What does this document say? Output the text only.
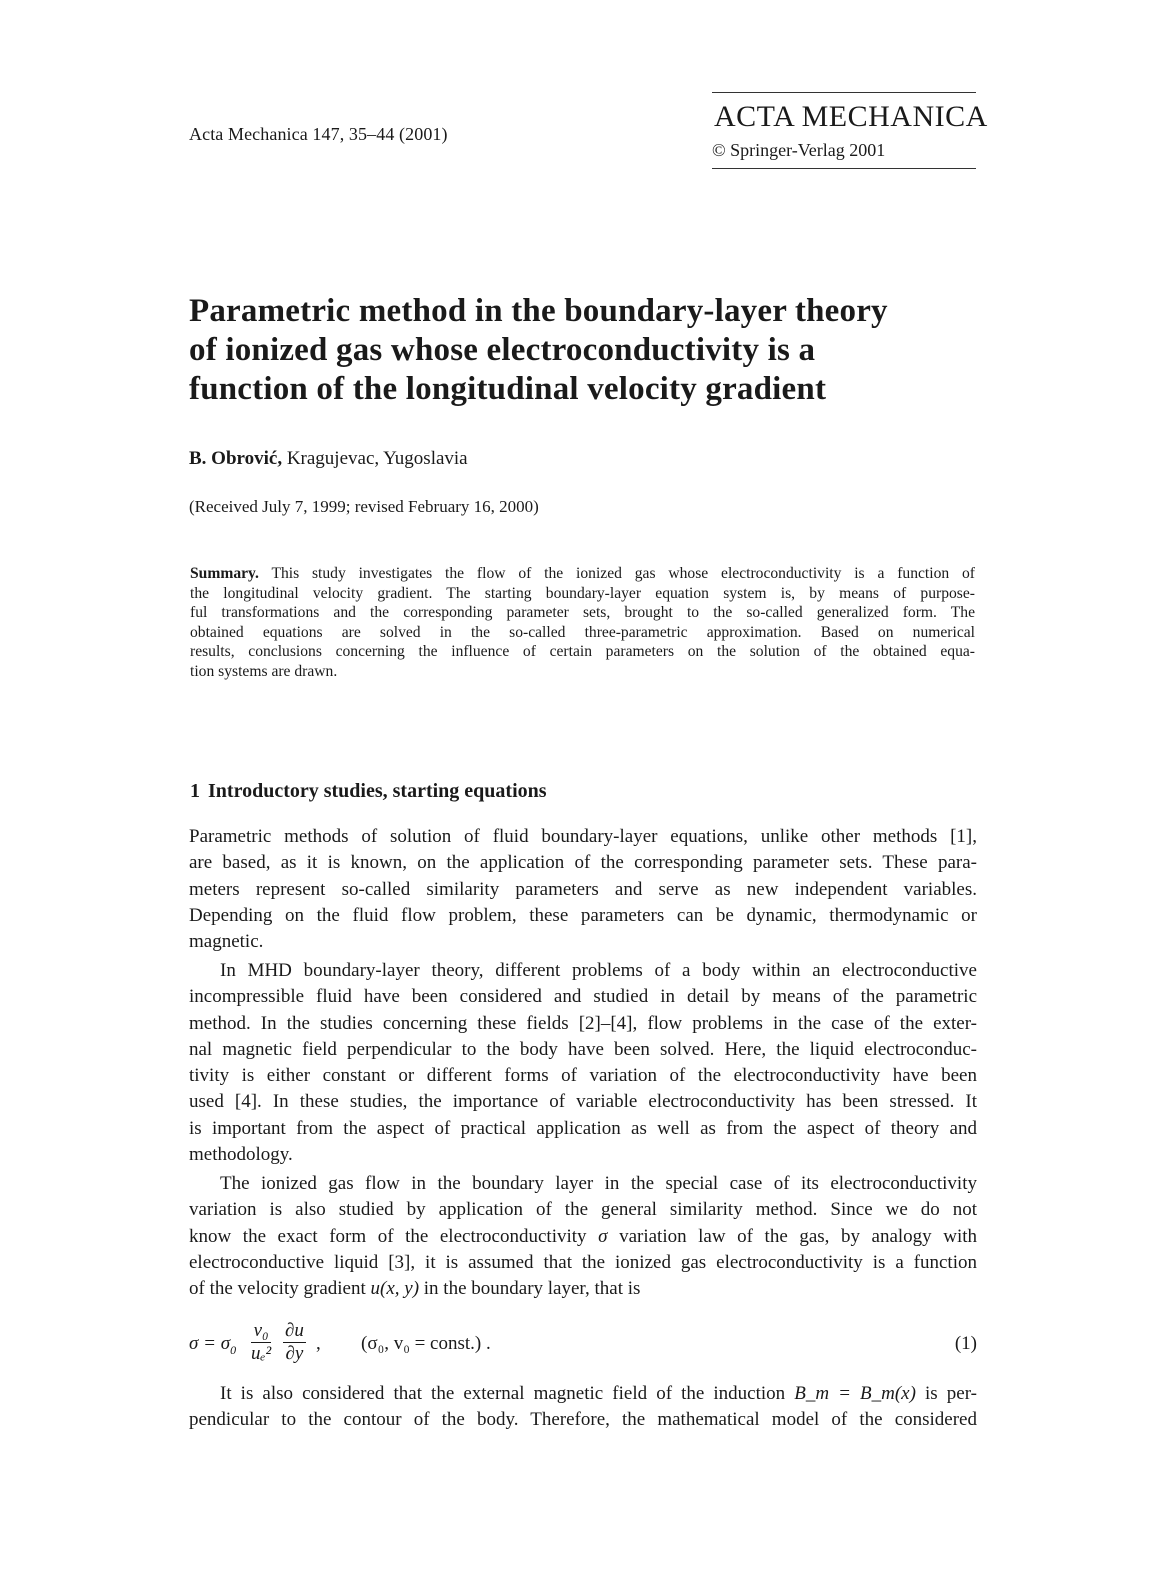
Acta Mechanica 147, 35–44 (2001)
ACTA MECHANICA
© Springer-Verlag 2001
Parametric method in the boundary-layer theory
of ionized gas whose electroconductivity is a
function of the longitudinal velocity gradient
B. Obrović, Kragujevac, Yugoslavia
(Received July 7, 1999; revised February 16, 2000)
Summary. This study investigates the flow of the ionized gas whose electroconductivity is a function of
the longitudinal velocity gradient. The starting boundary-layer equation system is, by means of purpose-
ful transformations and the corresponding parameter sets, brought to the so-called generalized form. The
obtained equations are solved in the so-called three-parametric approximation. Based on numerical
results, conclusions concerning the influence of certain parameters on the solution of the obtained equa-
tion systems are drawn.
1 Introductory studies, starting equations
Parametric methods of solution of fluid boundary-layer equations, unlike other methods [1],
are based, as it is known, on the application of the corresponding parameter sets. These para-
meters represent so-called similarity parameters and serve as new independent variables.
Depending on the fluid flow problem, these parameters can be dynamic, thermodynamic or
magnetic.
In MHD boundary-layer theory, different problems of a body within an electroconductive
incompressible fluid have been considered and studied in detail by means of the parametric
method. In the studies concerning these fields [2]–[4], flow problems in the case of the exter-
nal magnetic field perpendicular to the body have been solved. Here, the liquid electroconduc-
tivity is either constant or different forms of variation of the electroconductivity have been
used [4]. In these studies, the importance of variable electroconductivity has been stressed. It
is important from the aspect of practical application as well as from the aspect of theory and
methodology.
The ionized gas flow in the boundary layer in the special case of its electroconductivity
variation is also studied by application of the general similarity method. Since we do not
know the exact form of the electroconductivity σ variation law of the gas, by analogy with
electroconductive liquid [3], it is assumed that the ionized gas electroconductivity is a function
of the velocity gradient u(x, y) in the boundary layer, that is
$\sigma = \sigma_0 \frac{\text{v₀}}{\text{uₑ²}} \frac{\partial u}{\partial y}$ , (σ₀, v₀ = const.) .	(1)
It is also considered that the external magnetic field of the induction B_m = B_m(x) is per-
pendicular to the contour of the body. Therefore, the mathematical model of the considered
